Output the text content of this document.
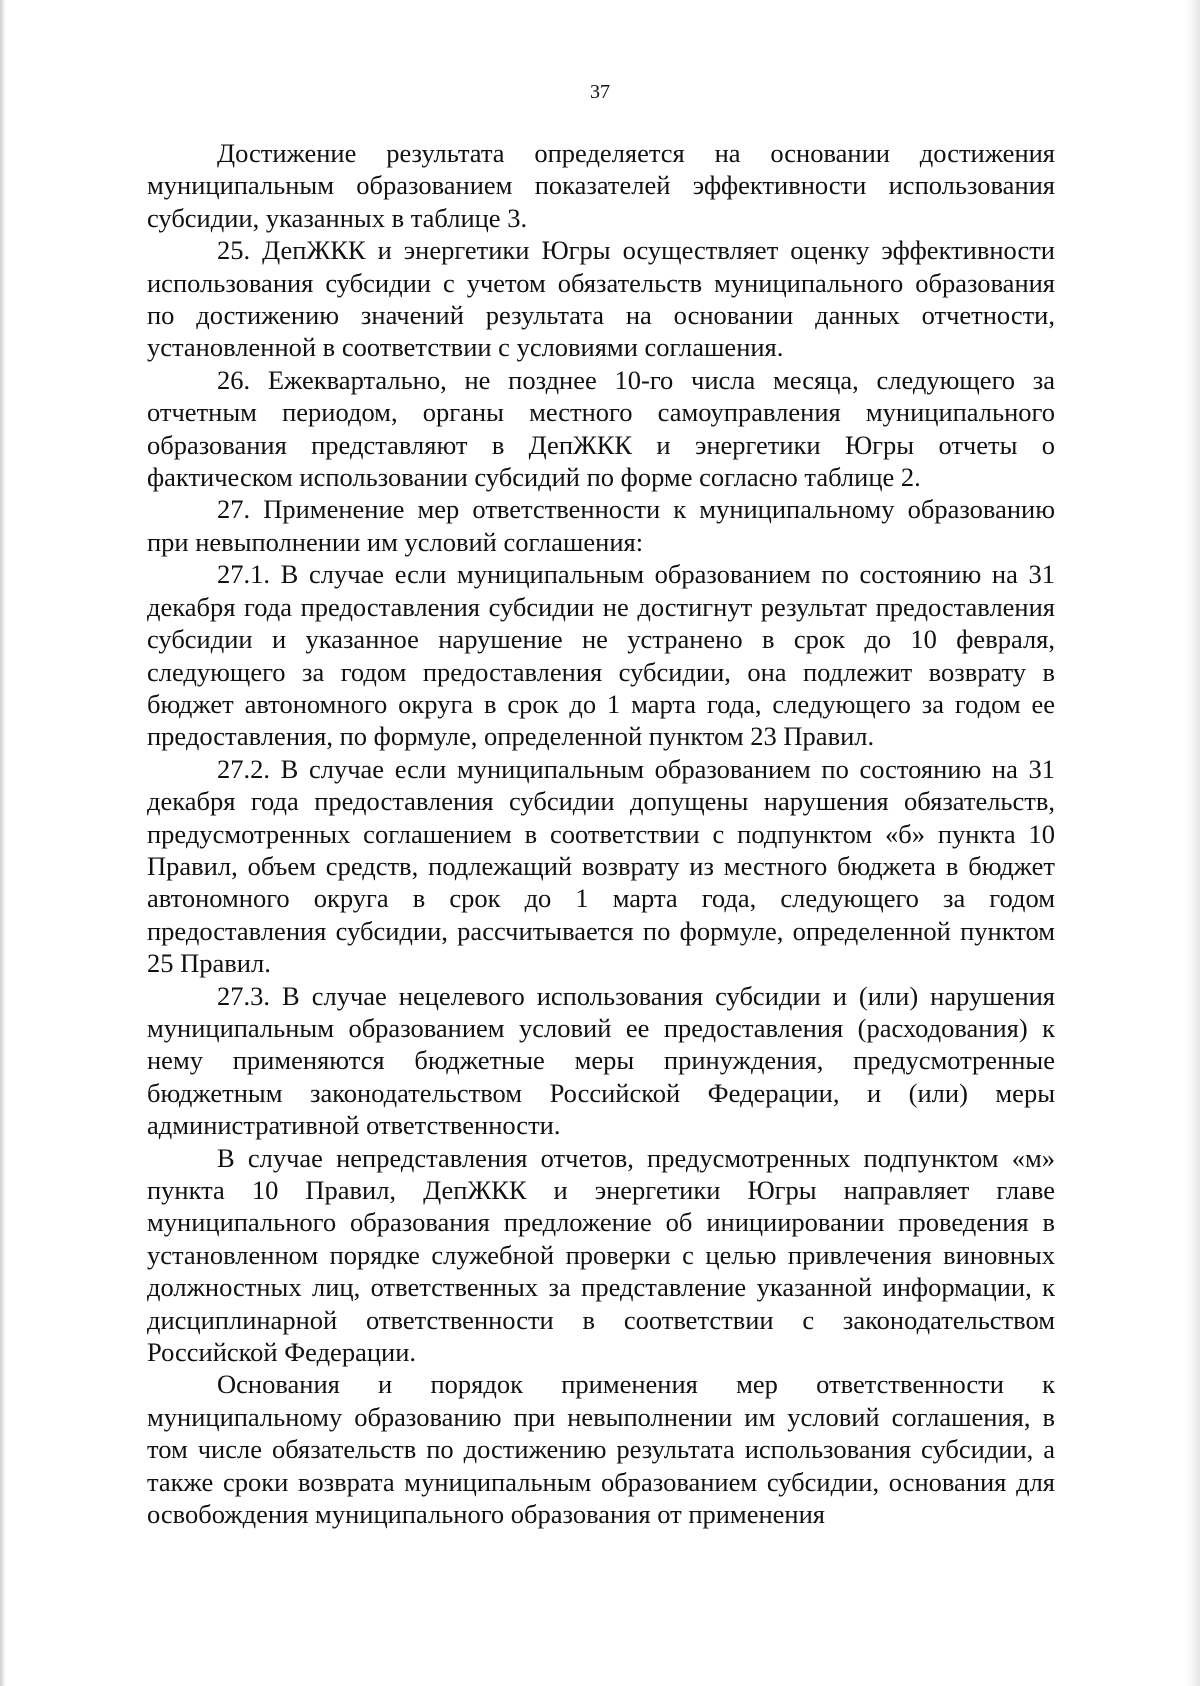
37

Достижение результата определяется на основании достижения муниципальным образованием показателей эффективности использования субсидии, указанных в таблице 3.

25. ДепЖКК и энергетики Югры осуществляет оценку эффективности использования субсидии с учетом обязательств муниципального образования по достижению значений результата на основании данных отчетности, установленной в соответствии с условиями соглашения.

26. Ежеквартально, не позднее 10-го числа месяца, следующего за отчетным периодом, органы местного самоуправления муниципального образования представляют в ДепЖКК и энергетики Югры отчеты о фактическом использовании субсидий по форме согласно таблице 2.

27. Применение мер ответственности к муниципальному образованию при невыполнении им условий соглашения:

27.1. В случае если муниципальным образованием по состоянию на 31 декабря года предоставления субсидии не достигнут результат предоставления субсидии и указанное нарушение не устранено в срок до 10 февраля, следующего за годом предоставления субсидии, она подлежит возврату в бюджет автономного округа в срок до 1 марта года, следующего за годом ее предоставления, по формуле, определенной пунктом 23 Правил.

27.2. В случае если муниципальным образованием по состоянию на 31 декабря года предоставления субсидии допущены нарушения обязательств, предусмотренных соглашением в соответствии с подпунктом «б» пункта 10 Правил, объем средств, подлежащий возврату из местного бюджета в бюджет автономного округа в срок до 1 марта года, следующего за годом предоставления субсидии, рассчитывается по формуле, определенной пунктом 25 Правил.

27.3. В случае нецелевого использования субсидии и (или) нарушения муниципальным образованием условий ее предоставления (расходования) к нему применяются бюджетные меры принуждения, предусмотренные бюджетным законодательством Российской Федерации, и (или) меры административной ответственности.

В случае непредставления отчетов, предусмотренных подпунктом «м» пункта 10 Правил, ДепЖКК и энергетики Югры направляет главе муниципального образования предложение об инициировании проведения в установленном порядке служебной проверки с целью привлечения виновных должностных лиц, ответственных за представление указанной информации, к дисциплинарной ответственности в соответствии с законодательством Российской Федерации.

Основания и порядок применения мер ответственности к муниципальному образованию при невыполнении им условий соглашения, в том числе обязательств по достижению результата использования субсидии, а также сроки возврата муниципальным образованием субсидии, основания для освобождения муниципального образования от применения
